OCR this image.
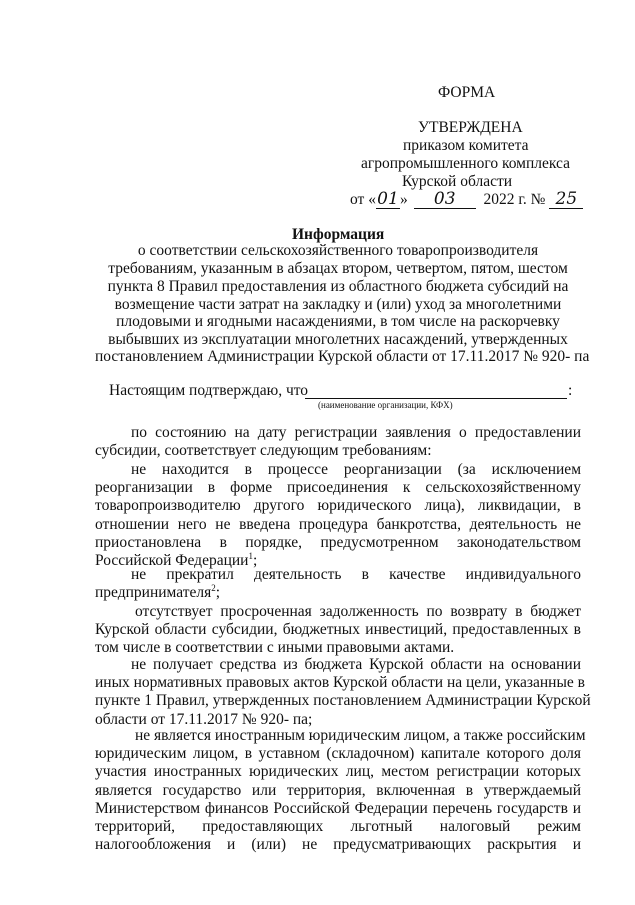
ФОРМА
УТВЕРЖДЕНА
приказом комитета
агропромышленного комплекса
Курской области
от «01» 03 2022 г. № 25
Информация
о соответствии сельскохозяйственного товаропроизводителя
требованиям, указанным в абзацах втором, четвертом, пятом, шестом
пункта 8 Правил предоставления из областного бюджета субсидий на
возмещение части затрат на закладку и (или) уход за многолетними
плодовыми и ягодными насаждениями, в том числе на раскорчевку
выбывших из эксплуатации многолетних насаждений, утвержденных
постановлением Администрации Курской области от 17.11.2017 № 920- па
Настоящим подтверждаю, что	:
(наименование организации, КФХ)

по состоянию на дату регистрации заявления о предоставлении

субсидии, соответствует следующим требованиям:

не находится в процессе реорганизации (за исключением

реорганизации в форме присоединения к сельскохозяйственному

товаропроизводителю другого юридического лица), ликвидации, в

отношении него не введена процедура банкротства, деятельность не

приостановлена в порядке, предусмотренном законодательством

Российской Федерации$^1$;

не прекратил деятельность в качестве индивидуального

предпринимателя$^2$;

отсутствует просроченная задолженность по возврату в бюджет

Курской области субсидии, бюджетных инвестиций, предоставленных в

том числе в соответствии с иными правовыми актами.

не получает средства из бюджета Курской области на основании

иных нормативных правовых актов Курской области на цели, указанные в

пункте 1 Правил, утвержденных постановлением Администрации Курской

области от 17.11.2017 № 920- па;

не является иностранным юридическим лицом, а также российским

юридическим лицом, в уставном (складочном) капитале которого доля

участия иностранных юридических лиц, местом регистрации которых

является государство или территория, включенная в утверждаемый

Министерством финансов Российской Федерации перечень государств и

территорий, предоставляющих льготный налоговый режим

налогообложения и (или) не предусматривающих раскрытия и
